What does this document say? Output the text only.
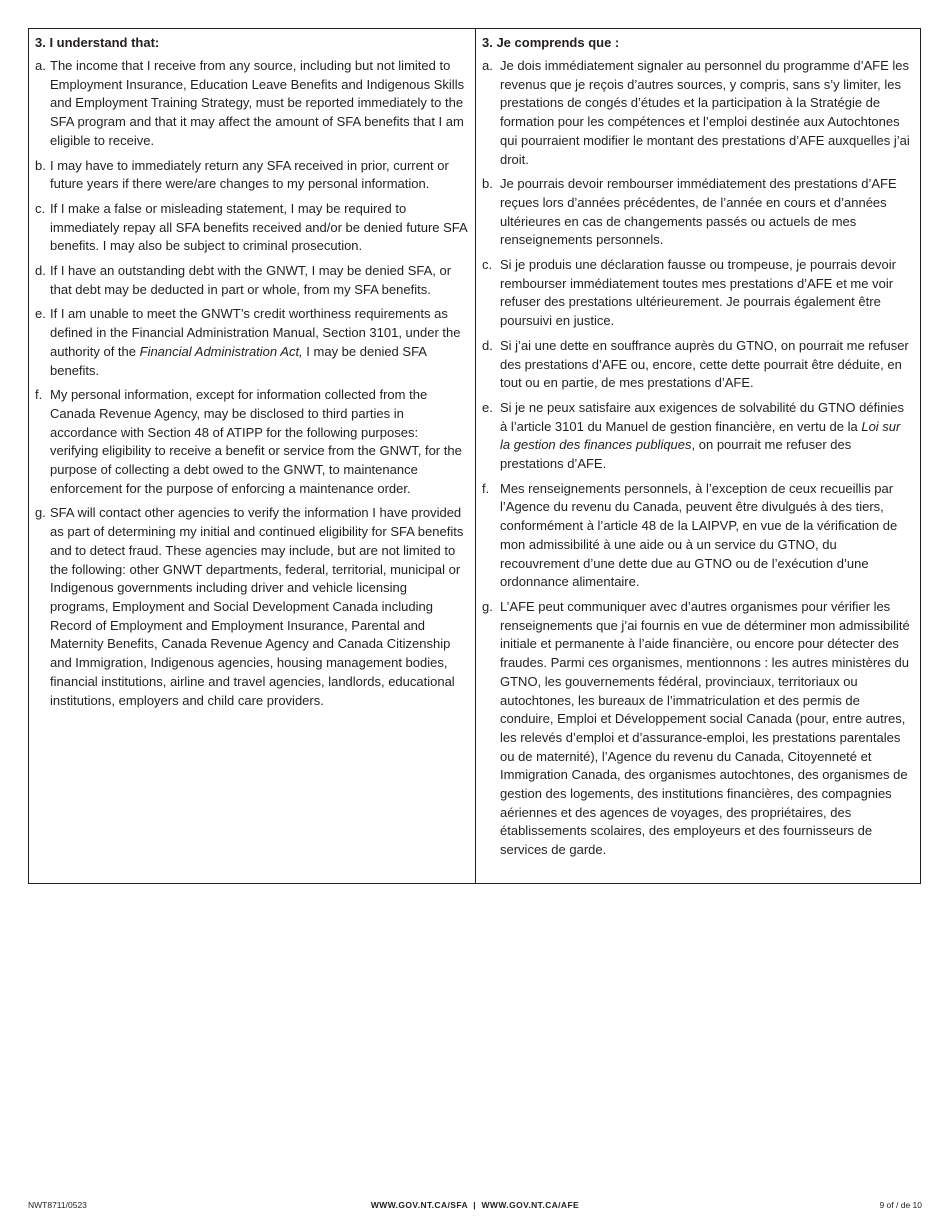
3. I understand that:
a. The income that I receive from any source, including but not limited to Employment Insurance, Education Leave Benefits and Indigenous Skills and Employment Training Strategy, must be reported immediately to the SFA program and that it may affect the amount of SFA benefits that I am eligible to receive.
b. I may have to immediately return any SFA received in prior, current or future years if there were/are changes to my personal information.
c. If I make a false or misleading statement, I may be required to immediately repay all SFA benefits received and/or be denied future SFA benefits. I may also be subject to criminal prosecution.
d. If I have an outstanding debt with the GNWT, I may be denied SFA, or that debt may be deducted in part or whole, from my SFA benefits.
e. If I am unable to meet the GNWT’s credit worthiness requirements as defined in the Financial Administration Manual, Section 3101, under the authority of the Financial Administration Act, I may be denied SFA benefits.
f. My personal information, except for information collected from the Canada Revenue Agency, may be disclosed to third parties in accordance with Section 48 of ATIPP for the following purposes: verifying eligibility to receive a benefit or service from the GNWT, for the purpose of collecting a debt owed to the GNWT, to maintenance enforcement for the purpose of enforcing a maintenance order.
g. SFA will contact other agencies to verify the information I have provided as part of determining my initial and continued eligibility for SFA benefits and to detect fraud. These agencies may include, but are not limited to the following: other GNWT departments, federal, territorial, municipal or Indigenous governments including driver and vehicle licensing programs, Employment and Social Development Canada including Record of Employment and Employment Insurance, Parental and Maternity Benefits, Canada Revenue Agency and Canada Citizenship and Immigration, Indigenous agencies, housing management bodies, financial institutions, airline and travel agencies, landlords, educational institutions, employers and child care providers.
3. Je comprends que :
a. Je dois immédiatement signaler au personnel du programme d’AFE les revenus que je reçois d’autres sources, y compris, sans s’y limiter, les prestations de congés d’études et la participation à la Stratégie de formation pour les compétences et l’emploi destinée aux Autochtones qui pourraient modifier le montant des prestations d’AFE auxquelles j’ai droit.
b. Je pourrais devoir rembourser immédiatement des prestations d’AFE reçues lors d’années précédentes, de l’année en cours et d’années ultérieures en cas de changements passés ou actuels de mes renseignements personnels.
c. Si je produis une déclaration fausse ou trompeuse, je pourrais devoir rembourser immédiatement toutes mes prestations d’AFE et me voir refuser des prestations ultérieurement. Je pourrais également être poursuivi en justice.
d. Si j’ai une dette en souffrance auprès du GTNO, on pourrait me refuser des prestations d’AFE ou, encore, cette dette pourrait être déduite, en tout ou en partie, de mes prestations d’AFE.
e. Si je ne peux satisfaire aux exigences de solvabilité du GTNO définies à l’article 3101 du Manuel de gestion financière, en vertu de la Loi sur la gestion des finances publiques, on pourrait me refuser des prestations d’AFE.
f. Mes renseignements personnels, à l’exception de ceux recueillis par l’Agence du revenu du Canada, peuvent être divulgués à des tiers, conformément à l’article 48 de la LAIPVP, en vue de la vérification de mon admissibilité à une aide ou à un service du GTNO, du recouvrement d’une dette due au GTNO ou de l’exécution d’une ordonnance alimentaire.
g. L’AFE peut communiquer avec d’autres organismes pour vérifier les renseignements que j’ai fournis en vue de déterminer mon admissibilité initiale et permanente à l’aide financière, ou encore pour détecter des fraudes. Parmi ces organismes, mentionnons : les autres ministères du GTNO, les gouvernements fédéral, provinciaux, territoriaux ou autochtones, les bureaux de l’immatriculation et des permis de conduire, Emploi et Développement social Canada (pour, entre autres, les relevés d’emploi et d’assurance-emploi, les prestations parentales ou de maternité), l’Agence du revenu du Canada, Citoyenneté et Immigration Canada, des organismes autochtones, des organismes de gestion des logements, des institutions financières, des compagnies aériennes et des agences de voyages, des propriétaires, des établissements scolaires, des employeurs et des fournisseurs de services de garde.
NWT8711/0523	WWW.GOV.NT.CA/SFA  |  WWW.GOV.NT.CA/AFE	9 of / de 10
